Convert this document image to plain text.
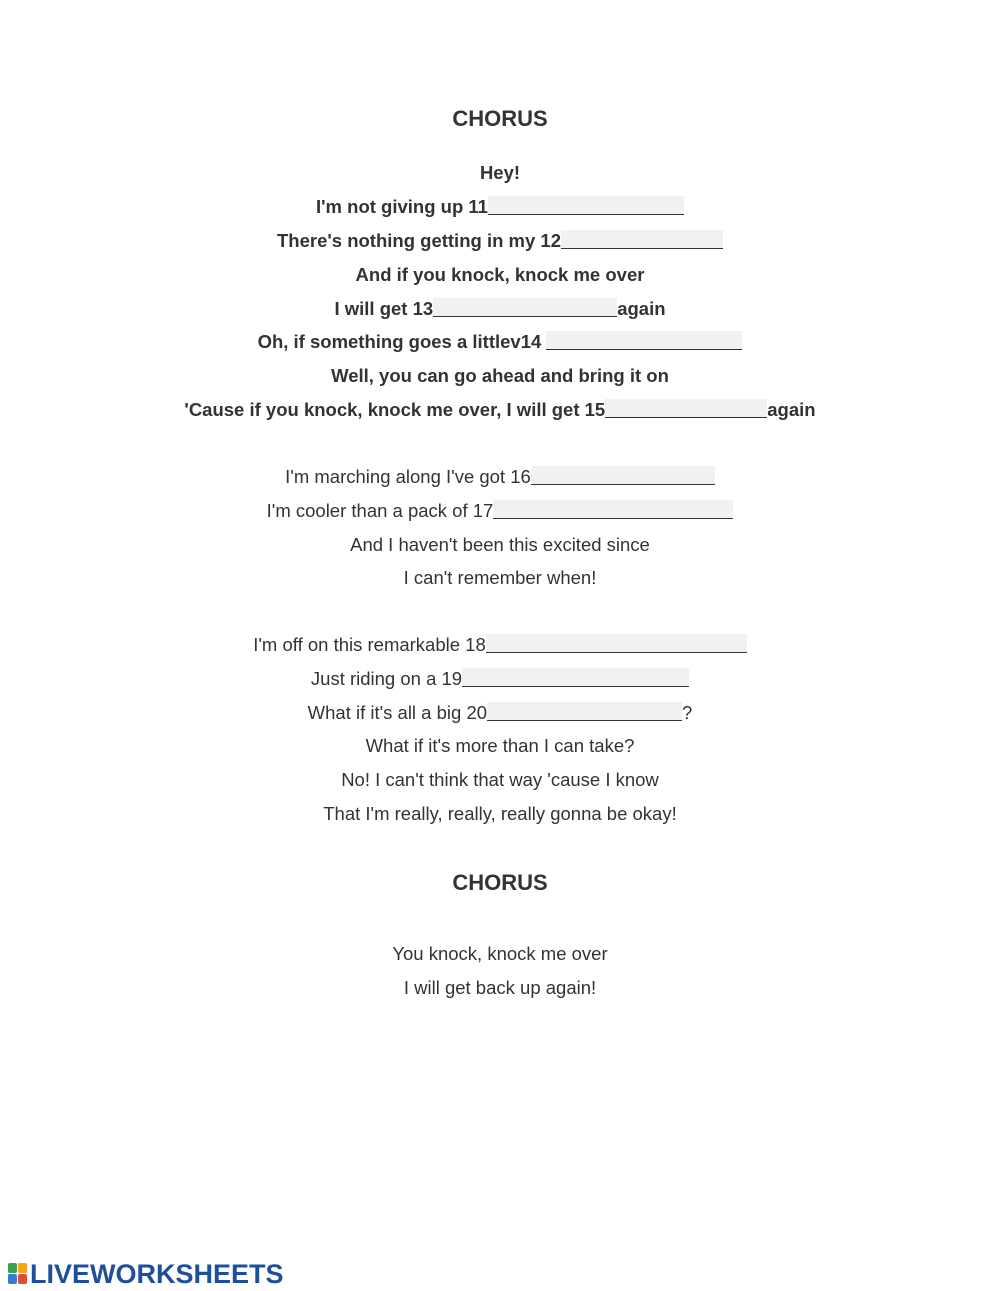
CHORUS
Hey!
I'm not giving up 11
There's nothing getting in my 12
And if you knock, knock me over
I will get 13	again
Oh, if something goes a littlev14
Well, you can go ahead and bring it on
'Cause if you knock, knock me over, I will get 15	again
I'm marching along I've got 16
I'm cooler than a pack of 17
And I haven't been this excited since
I can't remember when!
I'm off on this remarkable 18
Just riding on a 19
What if it's all a big 20	?
What if it's more than I can take?
No! I can't think that way 'cause I know
That I'm really, really, really gonna be okay!
CHORUS
You knock, knock me over
I will get back up again!
LIVEWORKSHEETS
